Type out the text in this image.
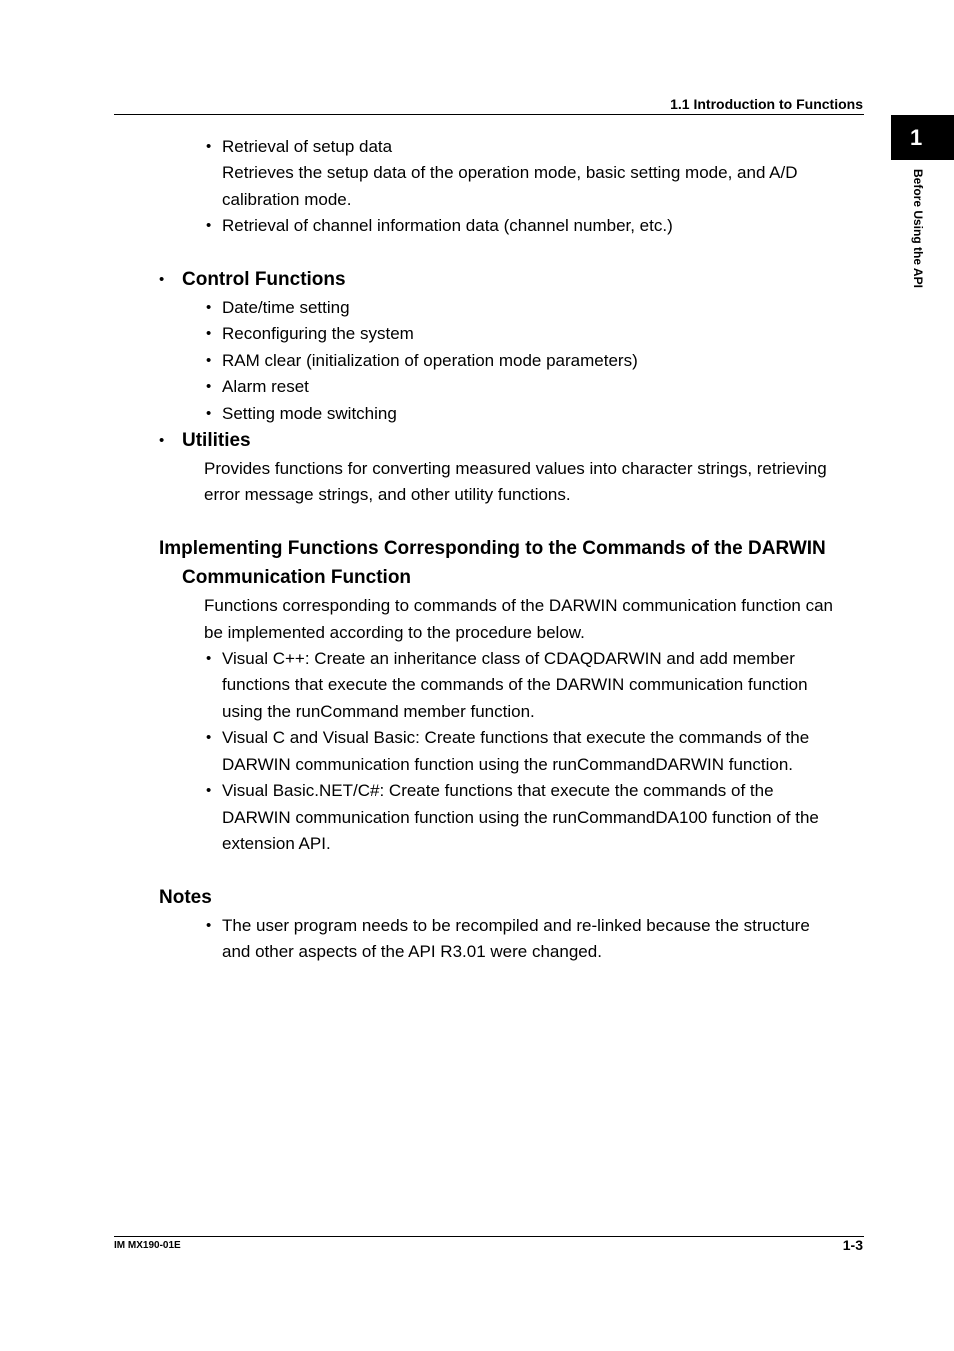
1.1 Introduction to Functions
1
Before Using the API
• Retrieval of setup data
Retrieves the setup data of the operation mode, basic setting mode, and A/D
calibration mode.
• Retrieval of channel information data (channel number, etc.)
• Control Functions
• Date/time setting
• Reconfiguring the system
• RAM clear (initialization of operation mode parameters)
• Alarm reset
• Setting mode switching
• Utilities
Provides functions for converting measured values into character strings, retrieving
error message strings, and other utility functions.
Implementing Functions Corresponding to the Commands of the DARWIN
Communication Function
Functions corresponding to commands of the DARWIN communication function can
be implemented according to the procedure below.
• Visual C++: Create an inheritance class of CDAQDARWIN and add member
functions that execute the commands of the DARWIN communication function
using the runCommand member function.
• Visual C and Visual Basic: Create functions that execute the commands of the
DARWIN communication function using the runCommandDARWIN function.
• Visual Basic.NET/C#: Create functions that execute the commands of the
DARWIN communication function using the runCommandDA100 function of the
extension API.
Notes
• The user program needs to be recompiled and re-linked because the structure
and other aspects of the API R3.01 were changed.
IM MX190-01E	1-3
